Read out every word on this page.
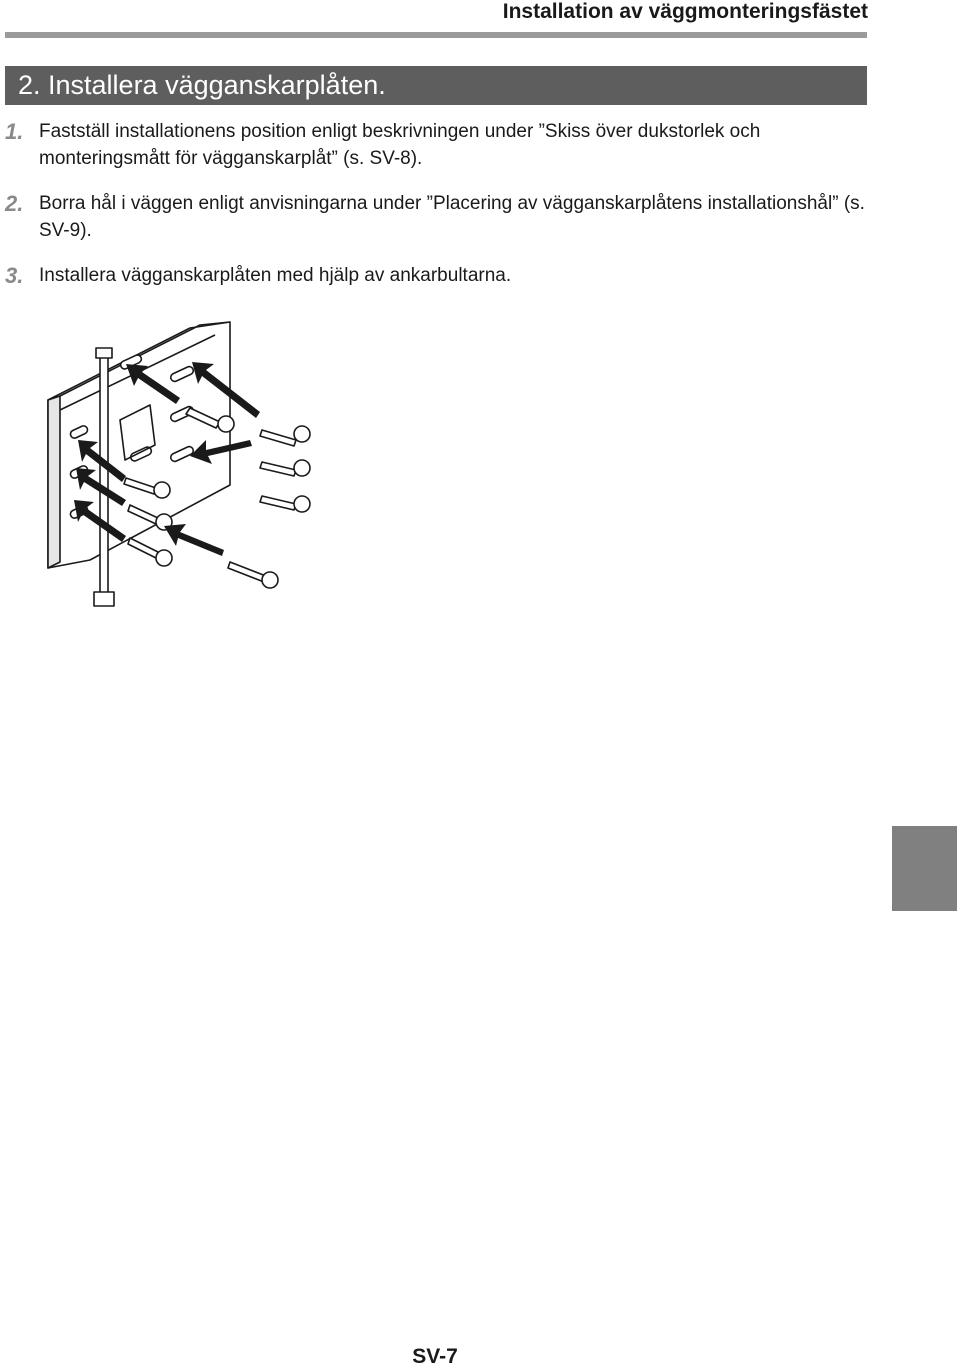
Installation av väggmonteringsfästet
2. Installera vägganskarplåten.
1. Fastställ installationens position enligt beskrivningen under ”Skiss över dukstorlek och monteringsmått för vägganskarplåt” (s. SV-8).
2. Borra hål i väggen enligt anvisningarna under ”Placering av vägganskarplåtens installationshål” (s. SV-9).
3. Installera vägganskarplåten med hjälp av ankarbultarna.
SV-7
